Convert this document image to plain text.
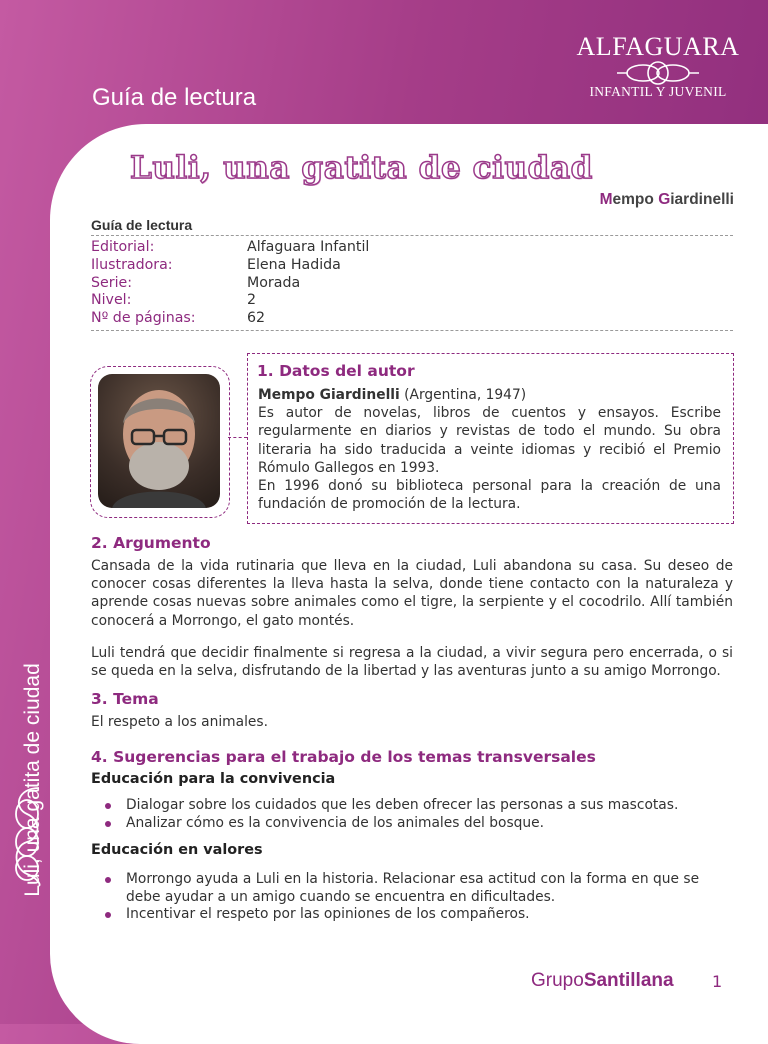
Guía de lectura
ALFAGUARA
INFANTIL Y JUVENIL
Luli, una gatita de ciudad
Luli, una gatita de ciudad
Mempo Giardinelli
Guía de lectura
Editorial:	Alfaguara Infantil
Ilustradora:	Elena Hadida
Serie:	Morada
Nivel:	2
Nº de páginas:	62
1. Datos del autor
Mempo Giardinelli (Argentina, 1947)
Es autor de novelas, libros de cuentos y ensayos. Escribe regularmente en diarios y revistas de todo el mundo. Su obra literaria ha sido traducida a veinte idiomas y recibió el Premio Rómulo Gallegos en 1993.
En 1996 donó su biblioteca personal para la creación de una fundación de promoción de la lectura.
2. Argumento
Cansada de la vida rutinaria que lleva en la ciudad, Luli abandona su casa. Su deseo de conocer cosas diferentes la lleva hasta la selva, donde tiene contacto con la naturaleza y aprende cosas nuevas sobre animales como el tigre, la serpiente y el cocodrilo. Allí también conocerá a Morrongo, el gato montés.
Luli tendrá que decidir finalmente si regresa a la ciudad, a vivir segura pero encerrada, o si se queda en la selva, disfrutando de la libertad y las aventuras junto a su amigo Morrongo.
3. Tema
El respeto a los animales.
4. Sugerencias para el trabajo de los temas transversales
Educación para la convivencia
Dialogar sobre los cuidados que les deben ofrecer las personas a sus mascotas.
Analizar cómo es la convivencia de los animales del bosque.
Educación en valores
Morrongo ayuda a Luli en la historia. Relacionar esa actitud con la forma en que se debe ayudar a un amigo cuando se encuentra en dificultades.
Incentivar el respeto por las opiniones de los compañeros.
GrupoSantillana 1
